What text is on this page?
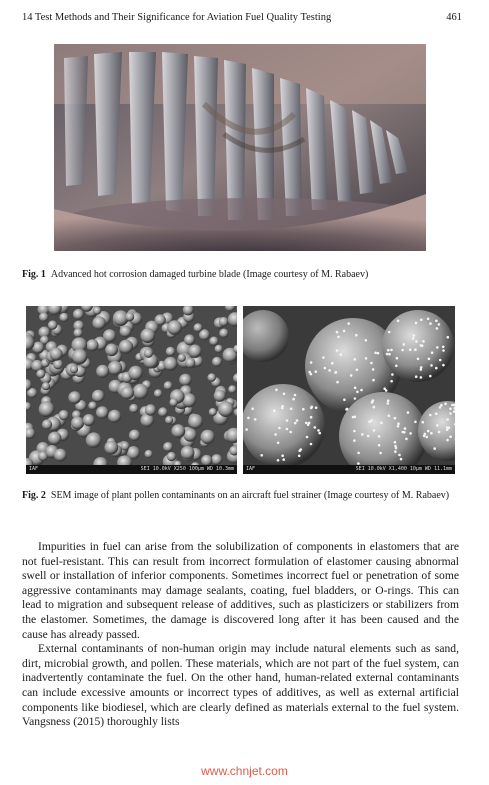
14 Test Methods and Their Significance for Aviation Fuel Quality Testing	461
Fig. 1 Advanced hot corrosion damaged turbine blade (Image courtesy of M. Rabaev)
IAF	SEI 10.0kV X250 100μm WD 10.3mm IAF	SEI 10.0kV X1,400 10μm WD 11.1mm
Fig. 2 SEM image of plant pollen contaminants on an aircraft fuel strainer (Image courtesy of M. Rabaev)

Impurities in fuel can arise from the solubilization of components in elastomers that are not fuel-resistant. This can result from incorrect formulation of elastomer causing abnormal swell or installation of inferior components. Sometimes incorrect fuel or penetration of some aggressive contaminants may damage sealants, coating, fuel bladders, or O-rings. This can lead to migration and subsequent release of additives, such as plasticizers or stabilizers from the elastomer. Sometimes, the damage is discovered long after it has been caused and the cause has already passed.

External contaminants of non-human origin may include natural elements such as sand, dirt, microbial growth, and pollen. These materials, which are not part of the fuel system, can inadvertently contaminate the fuel. On the other hand, human-related external contaminants can include excessive amounts or incorrect types of additives, as well as external artificial components like biodiesel, which are clearly defined as materials external to the fuel system. Vangsness (2015) thoroughly lists

www.chnjet.com
